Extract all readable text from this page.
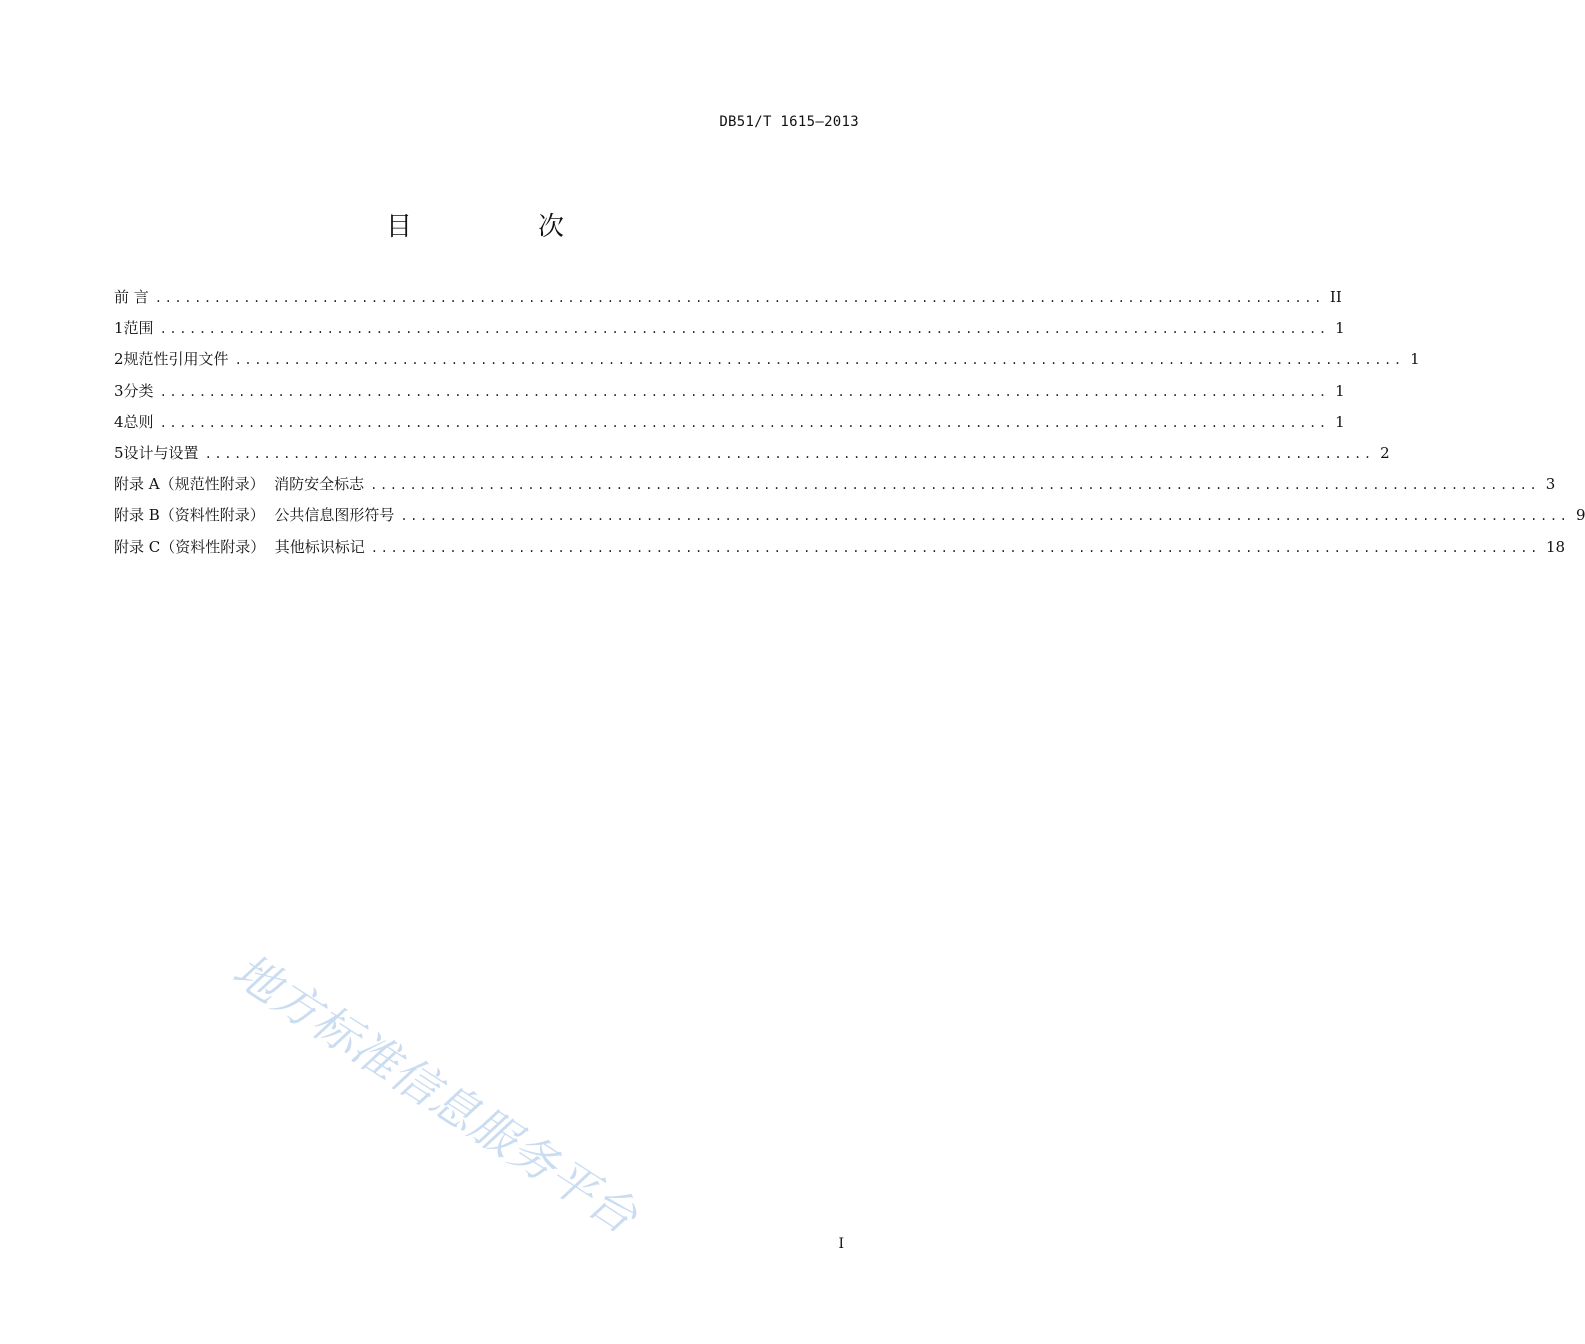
DB51/T 1615—2013
目　次
前 言 ....................................................................................................................... II
1 范围 ....................................................................................................................... 1
2 规范性引用文件 ....................................................................................................................... 1
3 分类 ....................................................................................................................... 1
4 总则 ....................................................................................................................... 1
5 设计与设置 ....................................................................................................................... 2
附录 A（规范性附录）  消防安全标志 ....................................................................................................................... 3
附录 B（资料性附录）  公共信息图形符号 ....................................................................................................................... 9
附录 C（资料性附录）  其他标识标记 ....................................................................................................................... 18
地方标准信息服务平台	I
